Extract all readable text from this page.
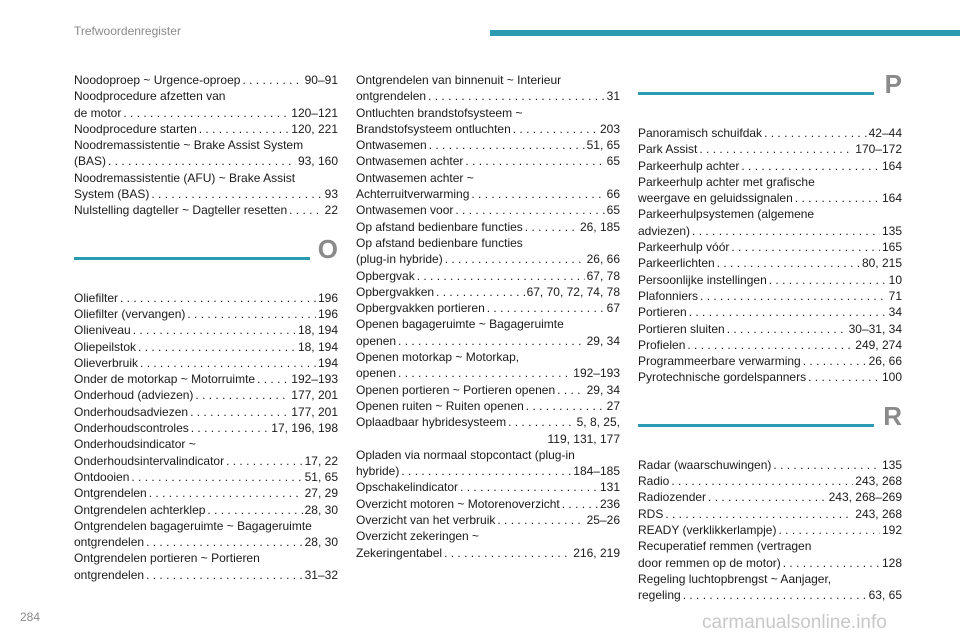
Trefwoordenregister
Noodoproep ~ Urgence-oproep . . .	90–91
Noodprocedure afzetten van
de motor . . .	120–121
Noodprocedure starten . . .	120, 221
Noodremassistentie ~ Brake Assist System
(BAS) . . .	93, 160
Noodremassistentie (AFU) ~ Brake Assist
System (BAS) . . .	93
Nulstelling dagteller ~ Dagteller resetten . . .	22
O
Oliefilter . . .	196
Oliefilter (vervangen) . . .	196
Olieniveau . . .	18, 194
Oliepeilstok . . .	18, 194
Olieverbruik . . .	194
Onder de motorkap ~ Motorruimte . . .	192–193
Onderhoud (adviezen) . . .	177, 201
Onderhoudsadviezen . . .	177, 201
Onderhoudscontroles . . .	17, 196, 198
Onderhoudsindicator ~
Onderhoudsintervalindicator . . .	17, 22
Ontdooien . . .	51, 65
Ontgrendelen . . .	27, 29
Ontgrendelen achterklep . . .	28, 30
Ontgrendelen bagageruimte ~ Bagageruimte
ontgrendelen . . .	28, 30
Ontgrendelen portieren ~ Portieren
ontgrendelen . . .	31–32
Ontgrendelen van binnenuit ~ Interieur
ontgrendelen . . .	31
Ontluchten brandstofsysteem ~
Brandstofsysteem ontluchten . . .	203
Ontwasemen . . .	51, 65
Ontwasemen achter . . .	65
Ontwasemen achter ~
Achterruitverwarming . . .	66
Ontwasemen voor . . .	65
Op afstand bedienbare functies . . .	26, 185
Op afstand bedienbare functies
(plug-in hybride) . . .	26, 66
Opbergvak . . .	67, 78
Opbergvakken . . .	67, 70, 72, 74, 78
Opbergvakken portieren . . .	67
Openen bagageruimte ~ Bagageruimte
openen . . .	29, 34
Openen motorkap ~ Motorkap,
openen . . .	192–193
Openen portieren ~ Portieren openen . . .	29, 34
Openen ruiten ~ Ruiten openen . . .	27
Oplaadbaar hybridesysteem . . .	5, 8, 25,
119, 131, 177
Opladen via normaal stopcontact (plug-in
hybride) . . .	184–185
Opschakelindicator . . .	131
Overzicht motoren ~ Motorenoverzicht . . .	236
Overzicht van het verbruik . . .	25–26
Overzicht zekeringen ~
Zekeringentabel . . .	216, 219
P
Panoramisch schuifdak . . .	42–44
Park Assist . . .	170–172
Parkeerhulp achter . . .	164
Parkeerhulp achter met grafische
weergave en geluidssignalen . . .	164
Parkeerhulpsystemen (algemene
adviezen) . . .	135
Parkeerhulp vóór . . .	165
Parkeerlichten . . .	80, 215
Persoonlijke instellingen . . .	10
Plafonniers . . .	71
Portieren . . .	34
Portieren sluiten . . .	30–31, 34
Profielen . . .	249, 274
Programmeerbare verwarming . . .	26, 66
Pyrotechnische gordelspanners . . .	100
R
Radar (waarschuwingen) . . .	135
Radio . . .	243, 268
Radiozender . . .	243, 268–269
RDS . . .	243, 268
READY (verklikkerlampje) . . .	192
Recuperatief remmen (vertragen
door remmen op de motor) . . .	128
Regeling luchtopbrengst ~ Aanjager,
regeling . . .	63, 65
284	carmanualsonline.info
